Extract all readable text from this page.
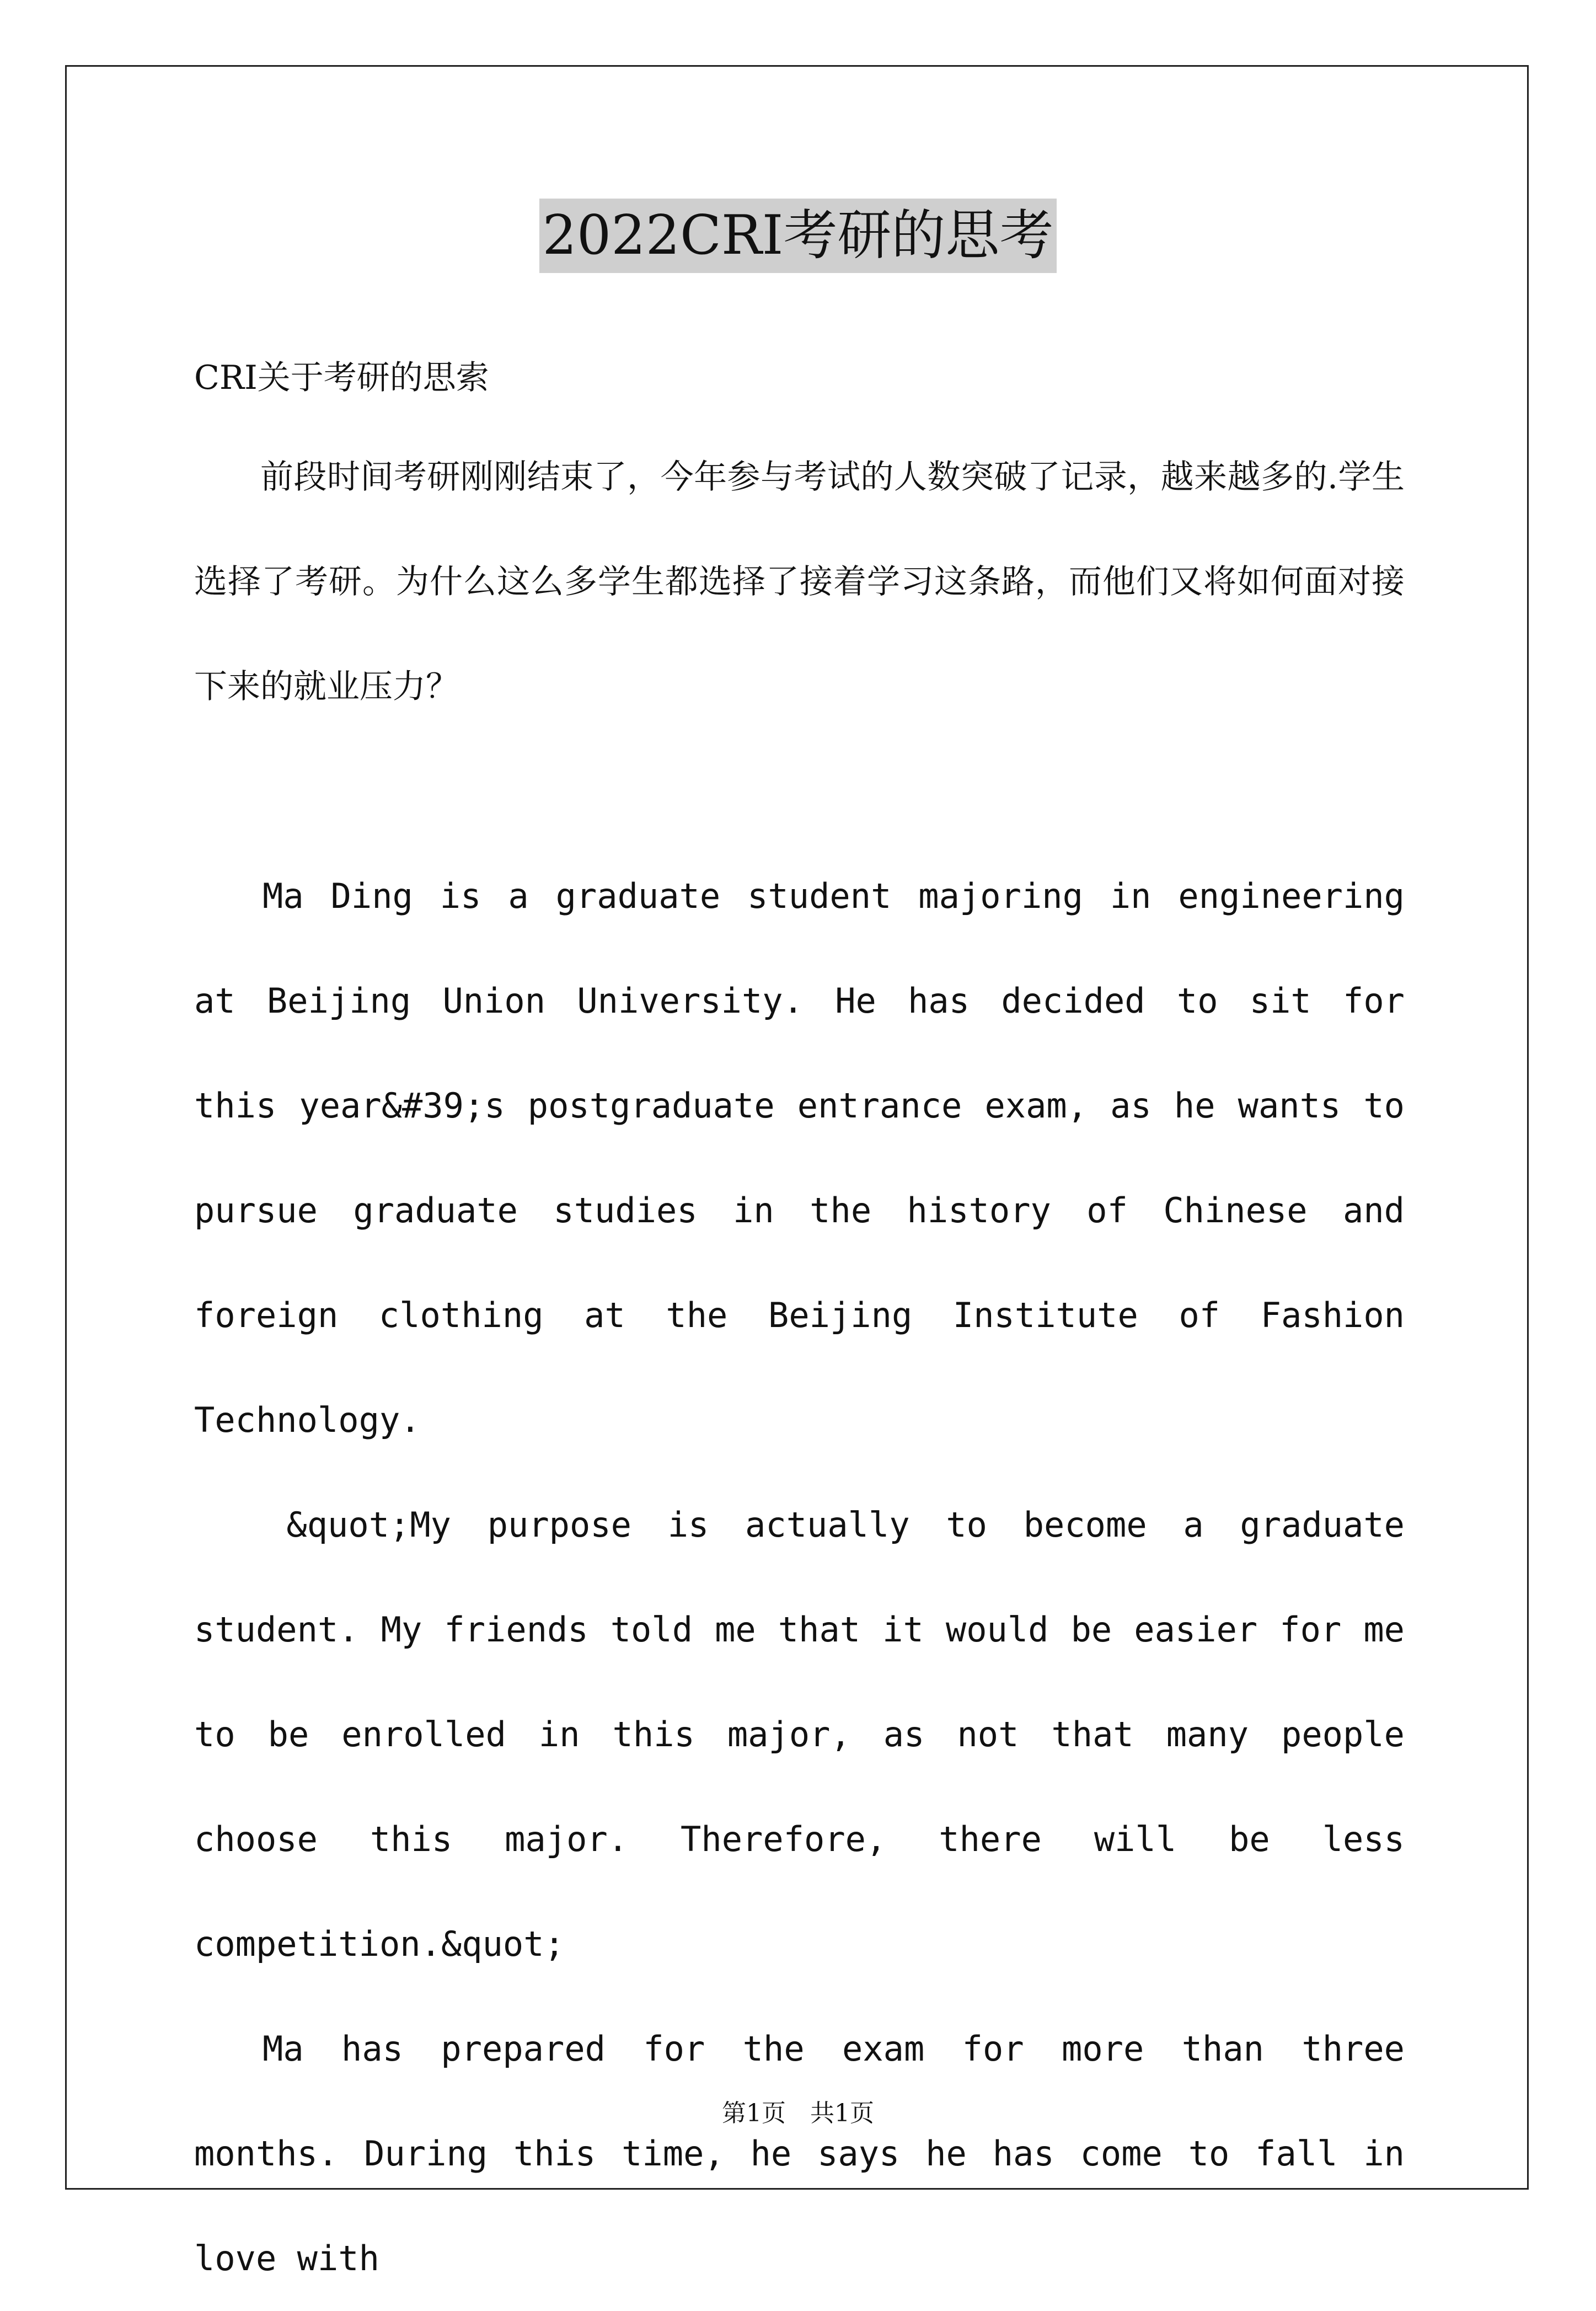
2022CRI考研的思考

CRI关于考研的思索

前段时间考研刚刚结束了，今年参与考试的人数突破了记录，越来越多的.学生选择了考研。为什么这么多学生都选择了接着学习这条路，而他们又将如何面对接下来的就业压力？

Ma Ding is a graduate student majoring in engineering at Beijing Union University. He has decided to sit for this year&#39;s postgraduate entrance exam, as he wants to pursue graduate studies in the history of Chinese and foreign clothing at the Beijing Institute of Fashion Technology.

&quot;My purpose is actually to become a graduate student. My friends told me that it would be easier for me to be enrolled in this major, as not that many people choose this major. Therefore, there will be less competition.&quot;

Ma has prepared for the exam for more than three months. During this time, he says he has come to fall in love with

第1页　共1页
